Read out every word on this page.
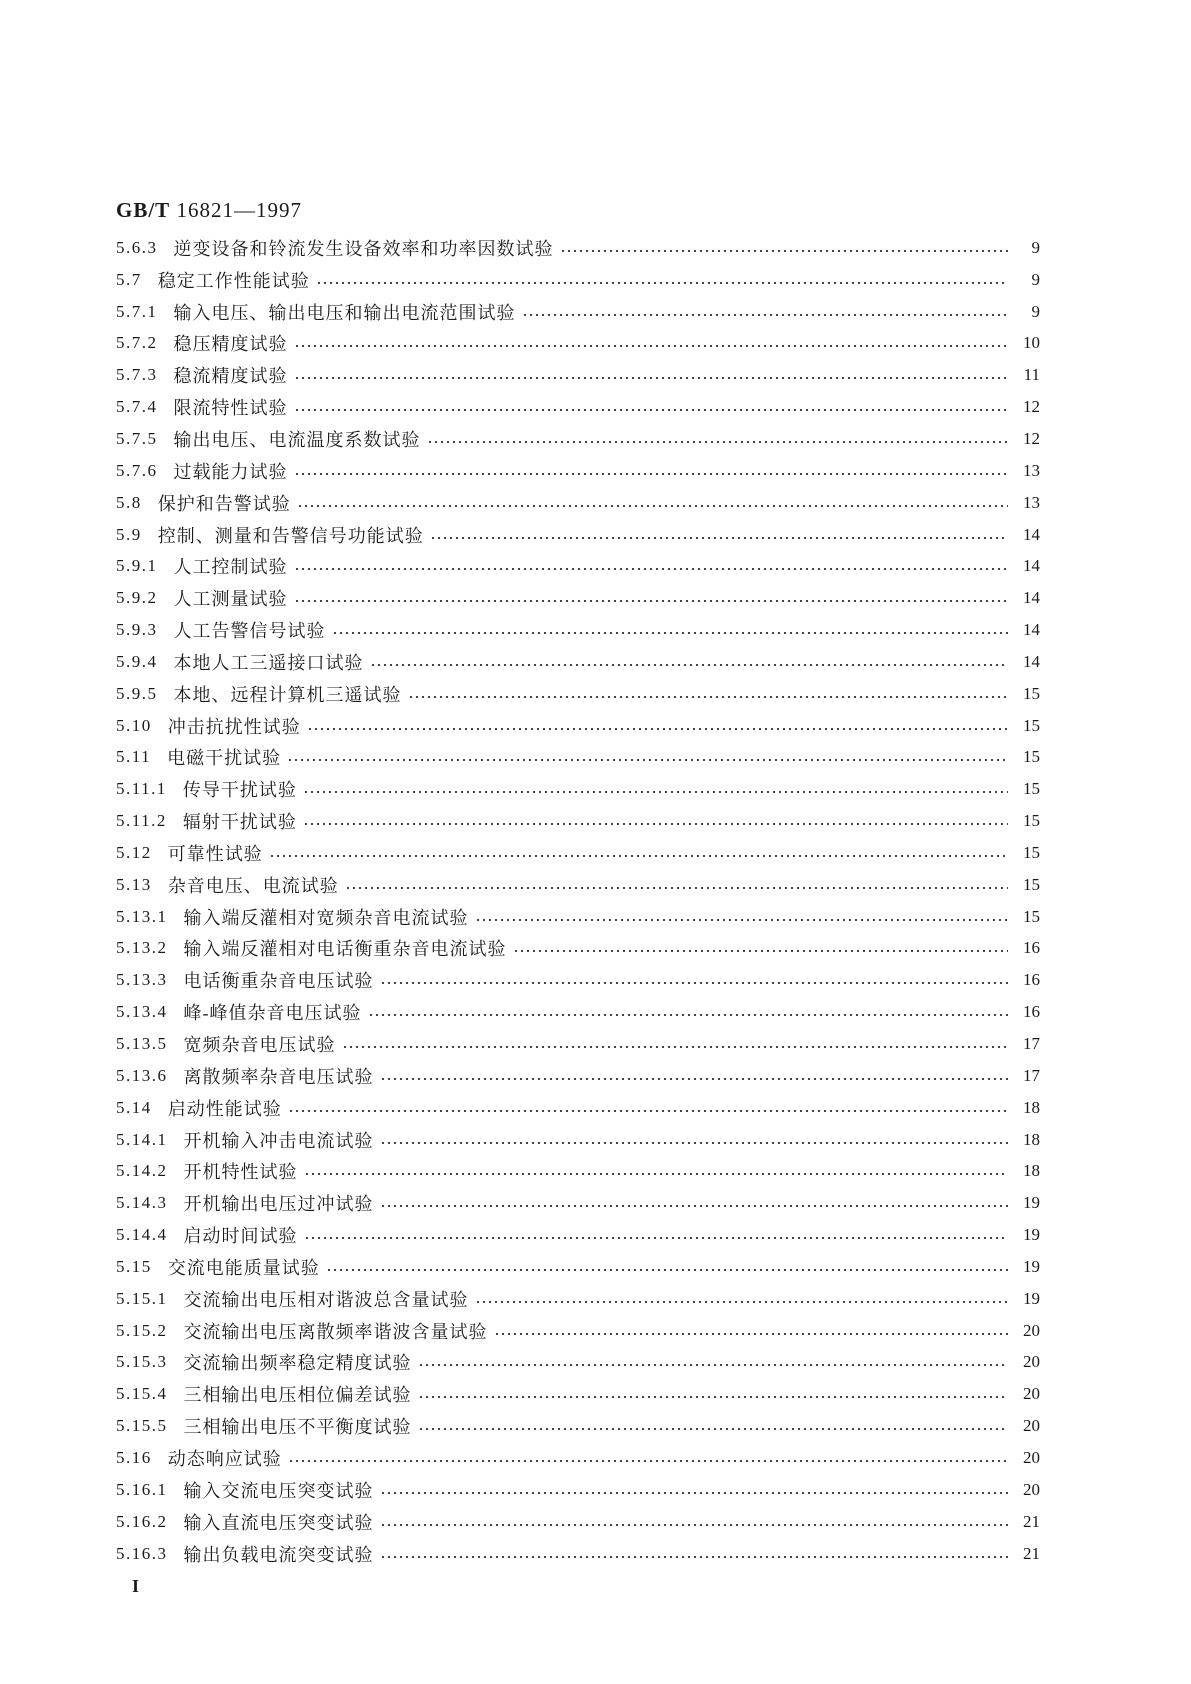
GB/T 16821—1997
5.6.3 逆变设备和铃流发生设备效率和功率因数试验	9
5.7 稳定工作性能试验	9
5.7.1 输入电压、输出电压和输出电流范围试验	9
5.7.2 稳压精度试验	10
5.7.3 稳流精度试验	11
5.7.4 限流特性试验	12
5.7.5 输出电压、电流温度系数试验	12
5.7.6 过载能力试验	13
5.8 保护和告警试验	13
5.9 控制、测量和告警信号功能试验	14
5.9.1 人工控制试验	14
5.9.2 人工测量试验	14
5.9.3 人工告警信号试验	14
5.9.4 本地人工三遥接口试验	14
5.9.5 本地、远程计算机三遥试验	15
5.10 冲击抗扰性试验	15
5.11 电磁干扰试验	15
5.11.1 传导干扰试验	15
5.11.2 辐射干扰试验	15
5.12 可靠性试验	15
5.13 杂音电压、电流试验	15
5.13.1 输入端反灌相对宽频杂音电流试验	15
5.13.2 输入端反灌相对电话衡重杂音电流试验	16
5.13.3 电话衡重杂音电压试验	16
5.13.4 峰-峰值杂音电压试验	16
5.13.5 宽频杂音电压试验	17
5.13.6 离散频率杂音电压试验	17
5.14 启动性能试验	18
5.14.1 开机输入冲击电流试验	18
5.14.2 开机特性试验	18
5.14.3 开机输出电压过冲试验	19
5.14.4 启动时间试验	19
5.15 交流电能质量试验	19
5.15.1 交流输出电压相对谐波总含量试验	19
5.15.2 交流输出电压离散频率谐波含量试验	20
5.15.3 交流输出频率稳定精度试验	20
5.15.4 三相输出电压相位偏差试验	20
5.15.5 三相输出电压不平衡度试验	20
5.16 动态响应试验	20
5.16.1 输入交流电压突变试验	20
5.16.2 输入直流电压突变试验	21
5.16.3 输出负载电流突变试验	21
I
